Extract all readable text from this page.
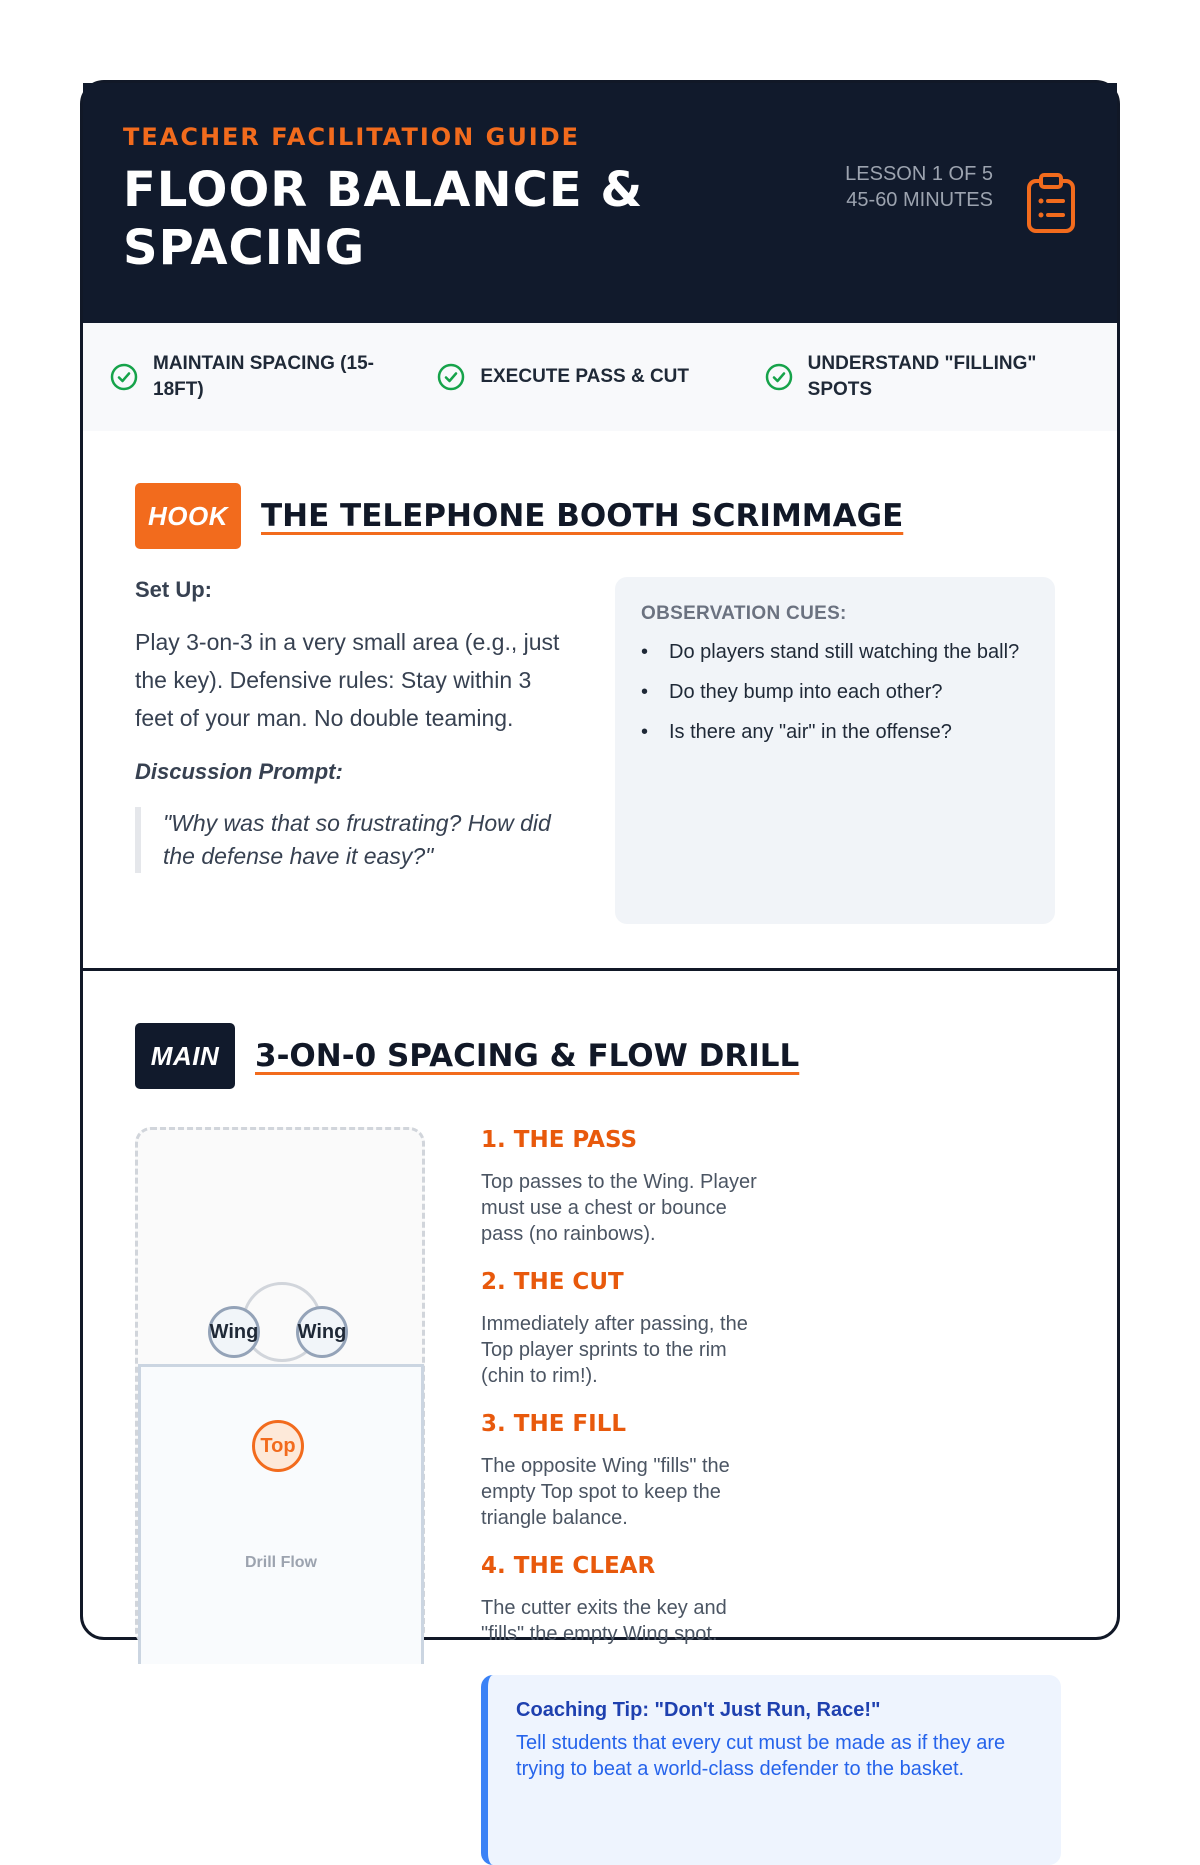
TEACHER FACILITATION GUIDE
FLOOR BALANCE & SPACING
LESSON 1 OF 5
45-60 MINUTES
MAINTAIN SPACING (15-18FT)
EXECUTE PASS & CUT
UNDERSTAND "FILLING" SPOTS
HOOK	THE TELEPHONE BOOTH SCRIMMAGE
Set Up:
Play 3-on-3 in a very small area (e.g., just the key). Defensive rules: Stay within 3 feet of your man. No double teaming.
Discussion Prompt:
"Why was that so frustrating? How did the defense have it easy?"
OBSERVATION CUES:
• Do players stand still watching the ball?
• Do they bump into each other?
• Is there any "air" in the offense?
MAIN	3-ON-0 SPACING & FLOW DRILL
Wing Wing
Top
Drill Flow
1. THE PASS

Top passes to the Wing. Player must use a chest or bounce pass (no rainbows).

2. THE CUT

Immediately after passing, the Top player sprints to the rim (chin to rim!).

3. THE FILL

The opposite Wing "fills" the empty Top spot to keep the triangle balance.

4. THE CLEAR

The cutter exits the key and "fills" the empty Wing spot.

Coaching Tip: "Don't Just Run, Race!"
Tell students that every cut must be made as if they are trying to beat a world-class defender to the basket.
